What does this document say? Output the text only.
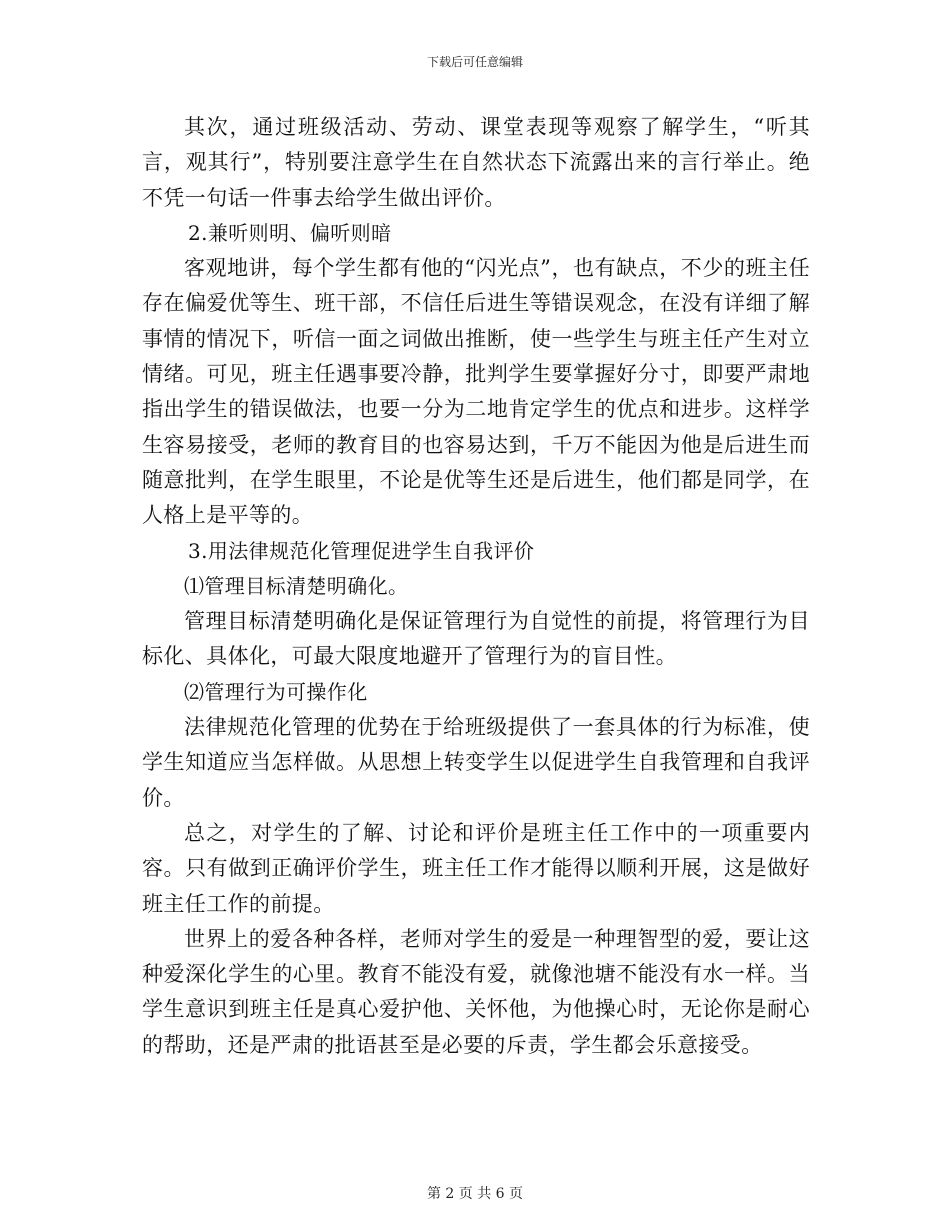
下载后可任意编辑

其次，通过班级活动、劳动、课堂表现等观察了解学生，“听其言，观其行”，特别要注意学生在自然状态下流露出来的言行举止。绝不凭一句话一件事去给学生做出评价。

2.兼听则明、偏听则暗

客观地讲，每个学生都有他的“闪光点”，也有缺点，不少的班主任存在偏爱优等生、班干部，不信任后进生等错误观念，在没有详细了解事情的情况下，听信一面之词做出推断，使一些学生与班主任产生对立情绪。可见，班主任遇事要冷静，批判学生要掌握好分寸，即要严肃地指出学生的错误做法，也要一分为二地肯定学生的优点和进步。这样学生容易接受，老师的教育目的也容易达到，千万不能因为他是后进生而随意批判，在学生眼里，不论是优等生还是后进生，他们都是同学，在人格上是平等的。

3.用法律规范化管理促进学生自我评价

⑴管理目标清楚明确化。

管理目标清楚明确化是保证管理行为自觉性的前提，将管理行为目标化、具体化，可最大限度地避开了管理行为的盲目性。

⑵管理行为可操作化

法律规范化管理的优势在于给班级提供了一套具体的行为标准，使学生知道应当怎样做。从思想上转变学生以促进学生自我管理和自我评价。

总之，对学生的了解、讨论和评价是班主任工作中的一项重要内容。只有做到正确评价学生，班主任工作才能得以顺利开展，这是做好班主任工作的前提。

世界上的爱各种各样，老师对学生的爱是一种理智型的爱，要让这种爱深化学生的心里。教育不能没有爱，就像池塘不能没有水一样。当学生意识到班主任是真心爱护他、关怀他，为他操心时，无论你是耐心的帮助，还是严肃的批语甚至是必要的斥责，学生都会乐意接受。

第 2 页 共 6 页
